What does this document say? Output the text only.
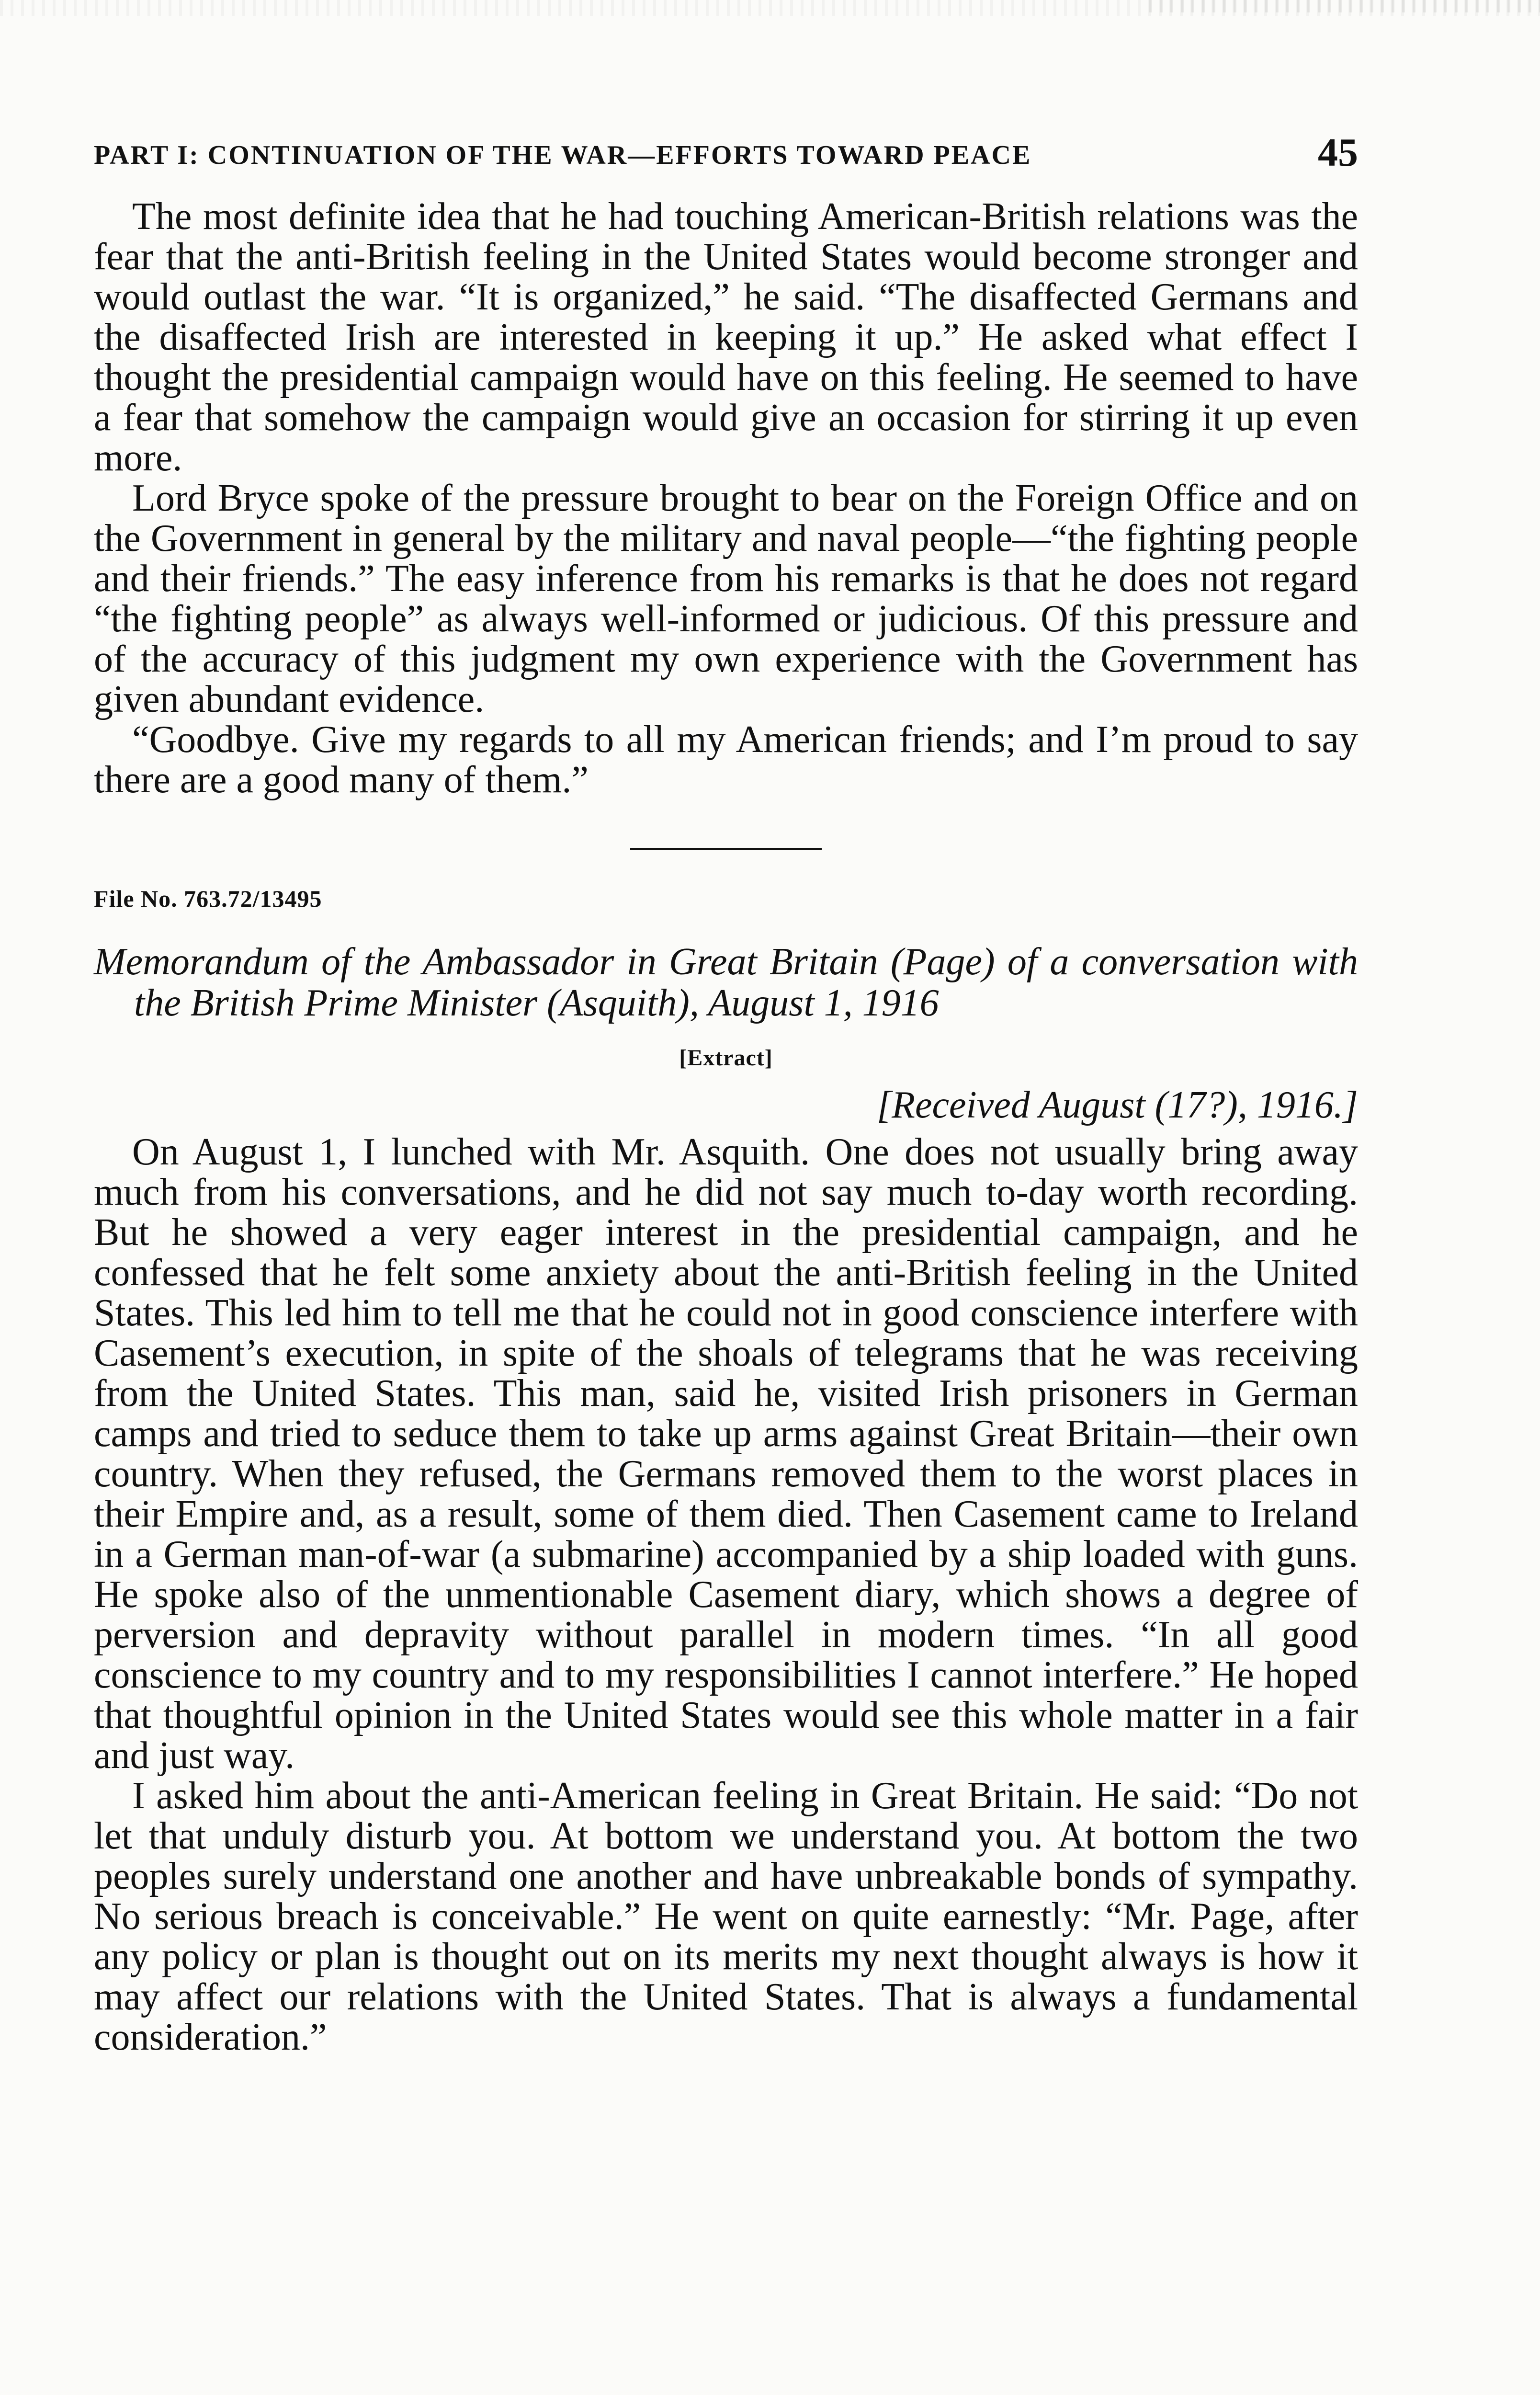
PART I: CONTINUATION OF THE WAR—EFFORTS TOWARD PEACE	45

The most definite idea that he had touching American-British relations was the fear that the anti-British feeling in the United States would become stronger and would outlast the war. “It is organized,” he said. “The disaffected Germans and the disaffected Irish are interested in keeping it up.” He asked what effect I thought the presidential campaign would have on this feeling. He seemed to have a fear that somehow the campaign would give an occasion for stirring it up even more.

Lord Bryce spoke of the pressure brought to bear on the Foreign Office and on the Government in general by the military and naval people—“the fighting people and their friends.” The easy inference from his remarks is that he does not regard “the fighting people” as always well-informed or judicious. Of this pressure and of the accuracy of this judgment my own experience with the Government has given abundant evidence.

“Goodbye. Give my regards to all my American friends; and I’m proud to say there are a good many of them.”

File No. 763.72/13495
Memorandum of the Ambassador in Great Britain (Page) of a conversation with the British Prime Minister (Asquith), August 1, 1916
[Extract]
[Received August (17?), 1916.]

On August 1, I lunched with Mr. Asquith. One does not usually bring away much from his conversations, and he did not say much to-day worth recording. But he showed a very eager interest in the presidential campaign, and he confessed that he felt some anxiety about the anti-British feeling in the United States. This led him to tell me that he could not in good conscience interfere with Casement’s execution, in spite of the shoals of telegrams that he was receiving from the United States. This man, said he, visited Irish prisoners in German camps and tried to seduce them to take up arms against Great Britain—their own country. When they refused, the Germans removed them to the worst places in their Empire and, as a result, some of them died. Then Casement came to Ireland in a German man-of-war (a submarine) accompanied by a ship loaded with guns. He spoke also of the unmentionable Casement diary, which shows a degree of perversion and depravity without parallel in modern times. “In all good conscience to my country and to my responsibilities I cannot interfere.” He hoped that thoughtful opinion in the United States would see this whole matter in a fair and just way.

I asked him about the anti-American feeling in Great Britain. He said: “Do not let that unduly disturb you. At bottom we understand you. At bottom the two peoples surely understand one another and have unbreakable bonds of sympathy. No serious breach is conceivable.” He went on quite earnestly: “Mr. Page, after any policy or plan is thought out on its merits my next thought always is how it may affect our relations with the United States. That is always a fundamental consideration.”
